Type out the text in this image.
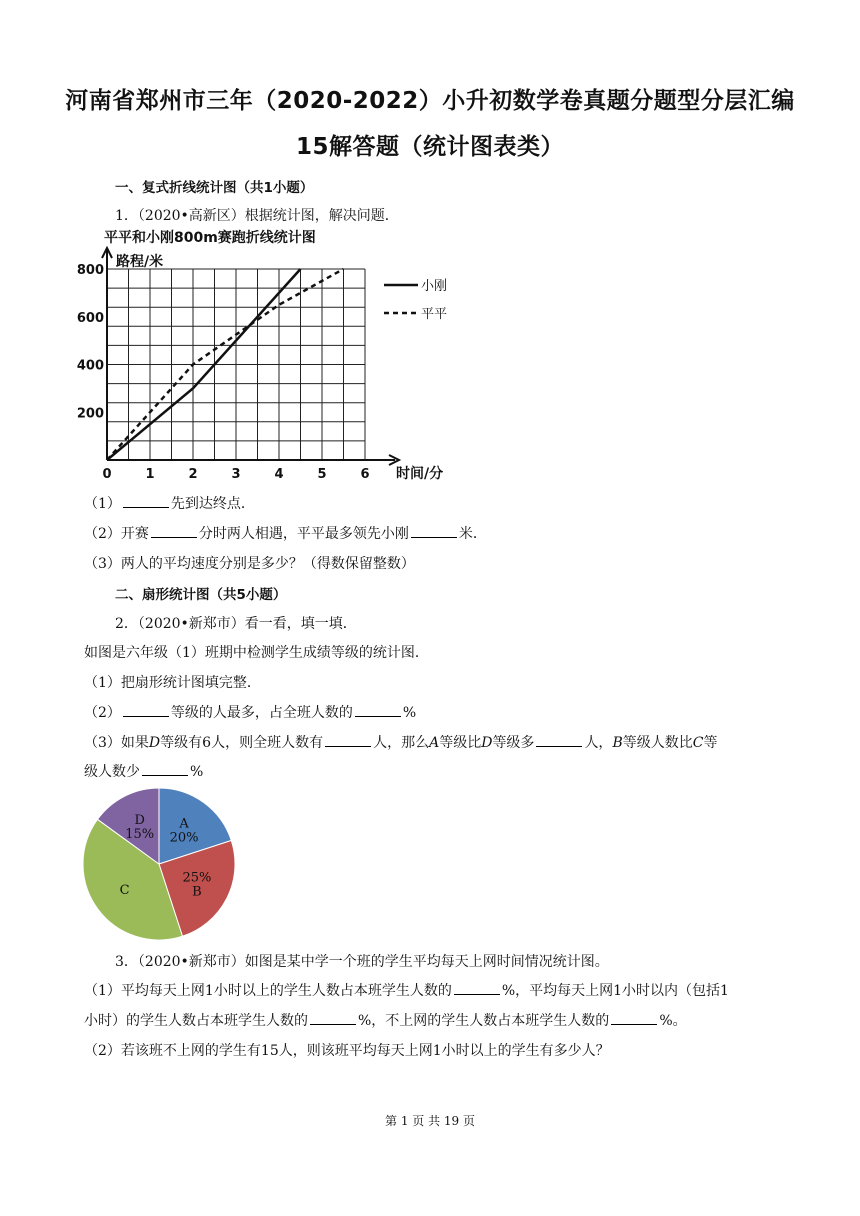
河南省郑州市三年（2020-2022）小升初数学卷真题分题型分层汇编
15解答题（统计图表类）
一、复式折线统计图（共1小题）
1．（2020•高新区）根据统计图，解决问题．
平平和小刚800m赛跑折线统计图
路程/米
200
400
600
800
0	1	2	3	4	5	6 时间/分
小刚
平平
（1）	先到达终点．
（2）开赛	分时两人相遇，平平最多领先小刚	米．
（3）两人的平均速度分别是多少？（得数保留整数）
二、扇形统计图（共5小题）
2．（2020•新郑市）看一看，填一填．
如图是六年级（1）班期中检测学生成绩等级的统计图．
（1）把扇形统计图填完整．
（2）	等级的人最多，占全班人数的	%
（3）如果D等级有6人，则全班人数有	人，那么A等级比D等级多	人，B等级人数比C等
级人数少	%
A
20%
25%
B
C
D
15%
3．（2020•新郑市）如图是某中学一个班的学生平均每天上网时间情况统计图。
（1）平均每天上网1小时以上的学生人数占本班学生人数的	%，平均每天上网1小时以内（包括1
小时）的学生人数占本班学生人数的	%，不上网的学生人数占本班学生人数的	%。
（2）若该班不上网的学生有15人，则该班平均每天上网1小时以上的学生有多少人？
第 1 页 共 19 页
